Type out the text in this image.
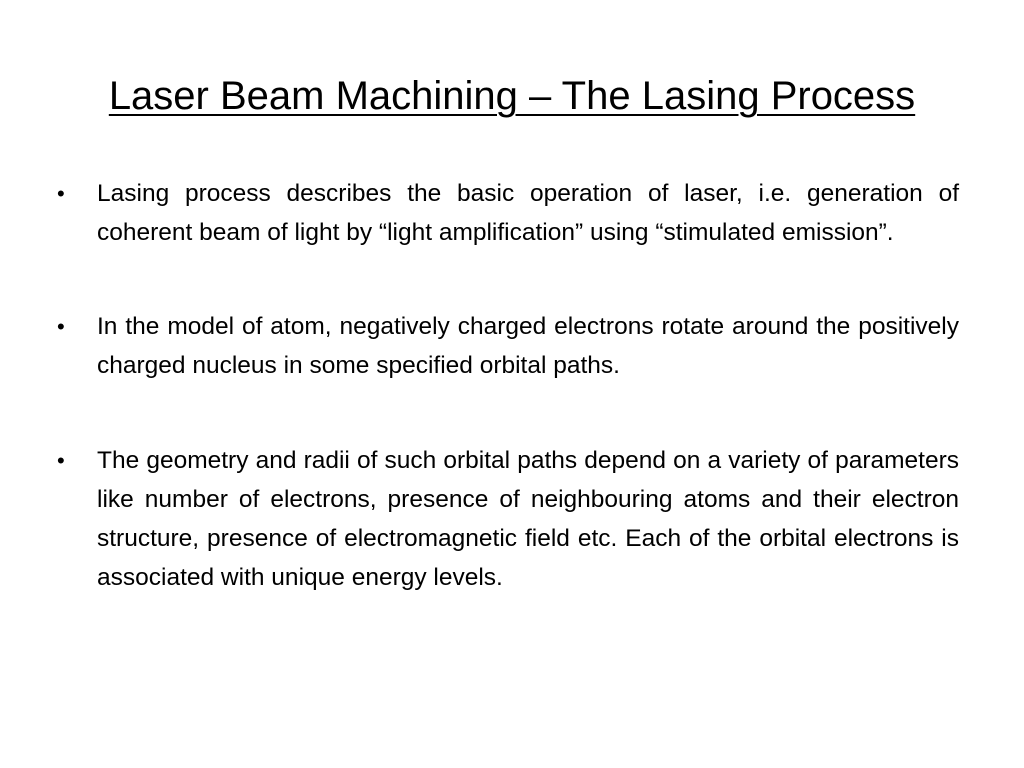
Laser Beam Machining – The Lasing Process
• Lasing process describes the basic operation of laser, i.e. generation of coherent beam of light by “light amplification” using “stimulated emission”.
• In the model of atom, negatively charged electrons rotate around the positively charged nucleus in some specified orbital paths.
• The geometry and radii of such orbital paths depend on a variety of parameters like number of electrons, presence of neighbouring atoms and their electron structure, presence of electromagnetic field etc. Each of the orbital electrons is associated with unique energy levels.
